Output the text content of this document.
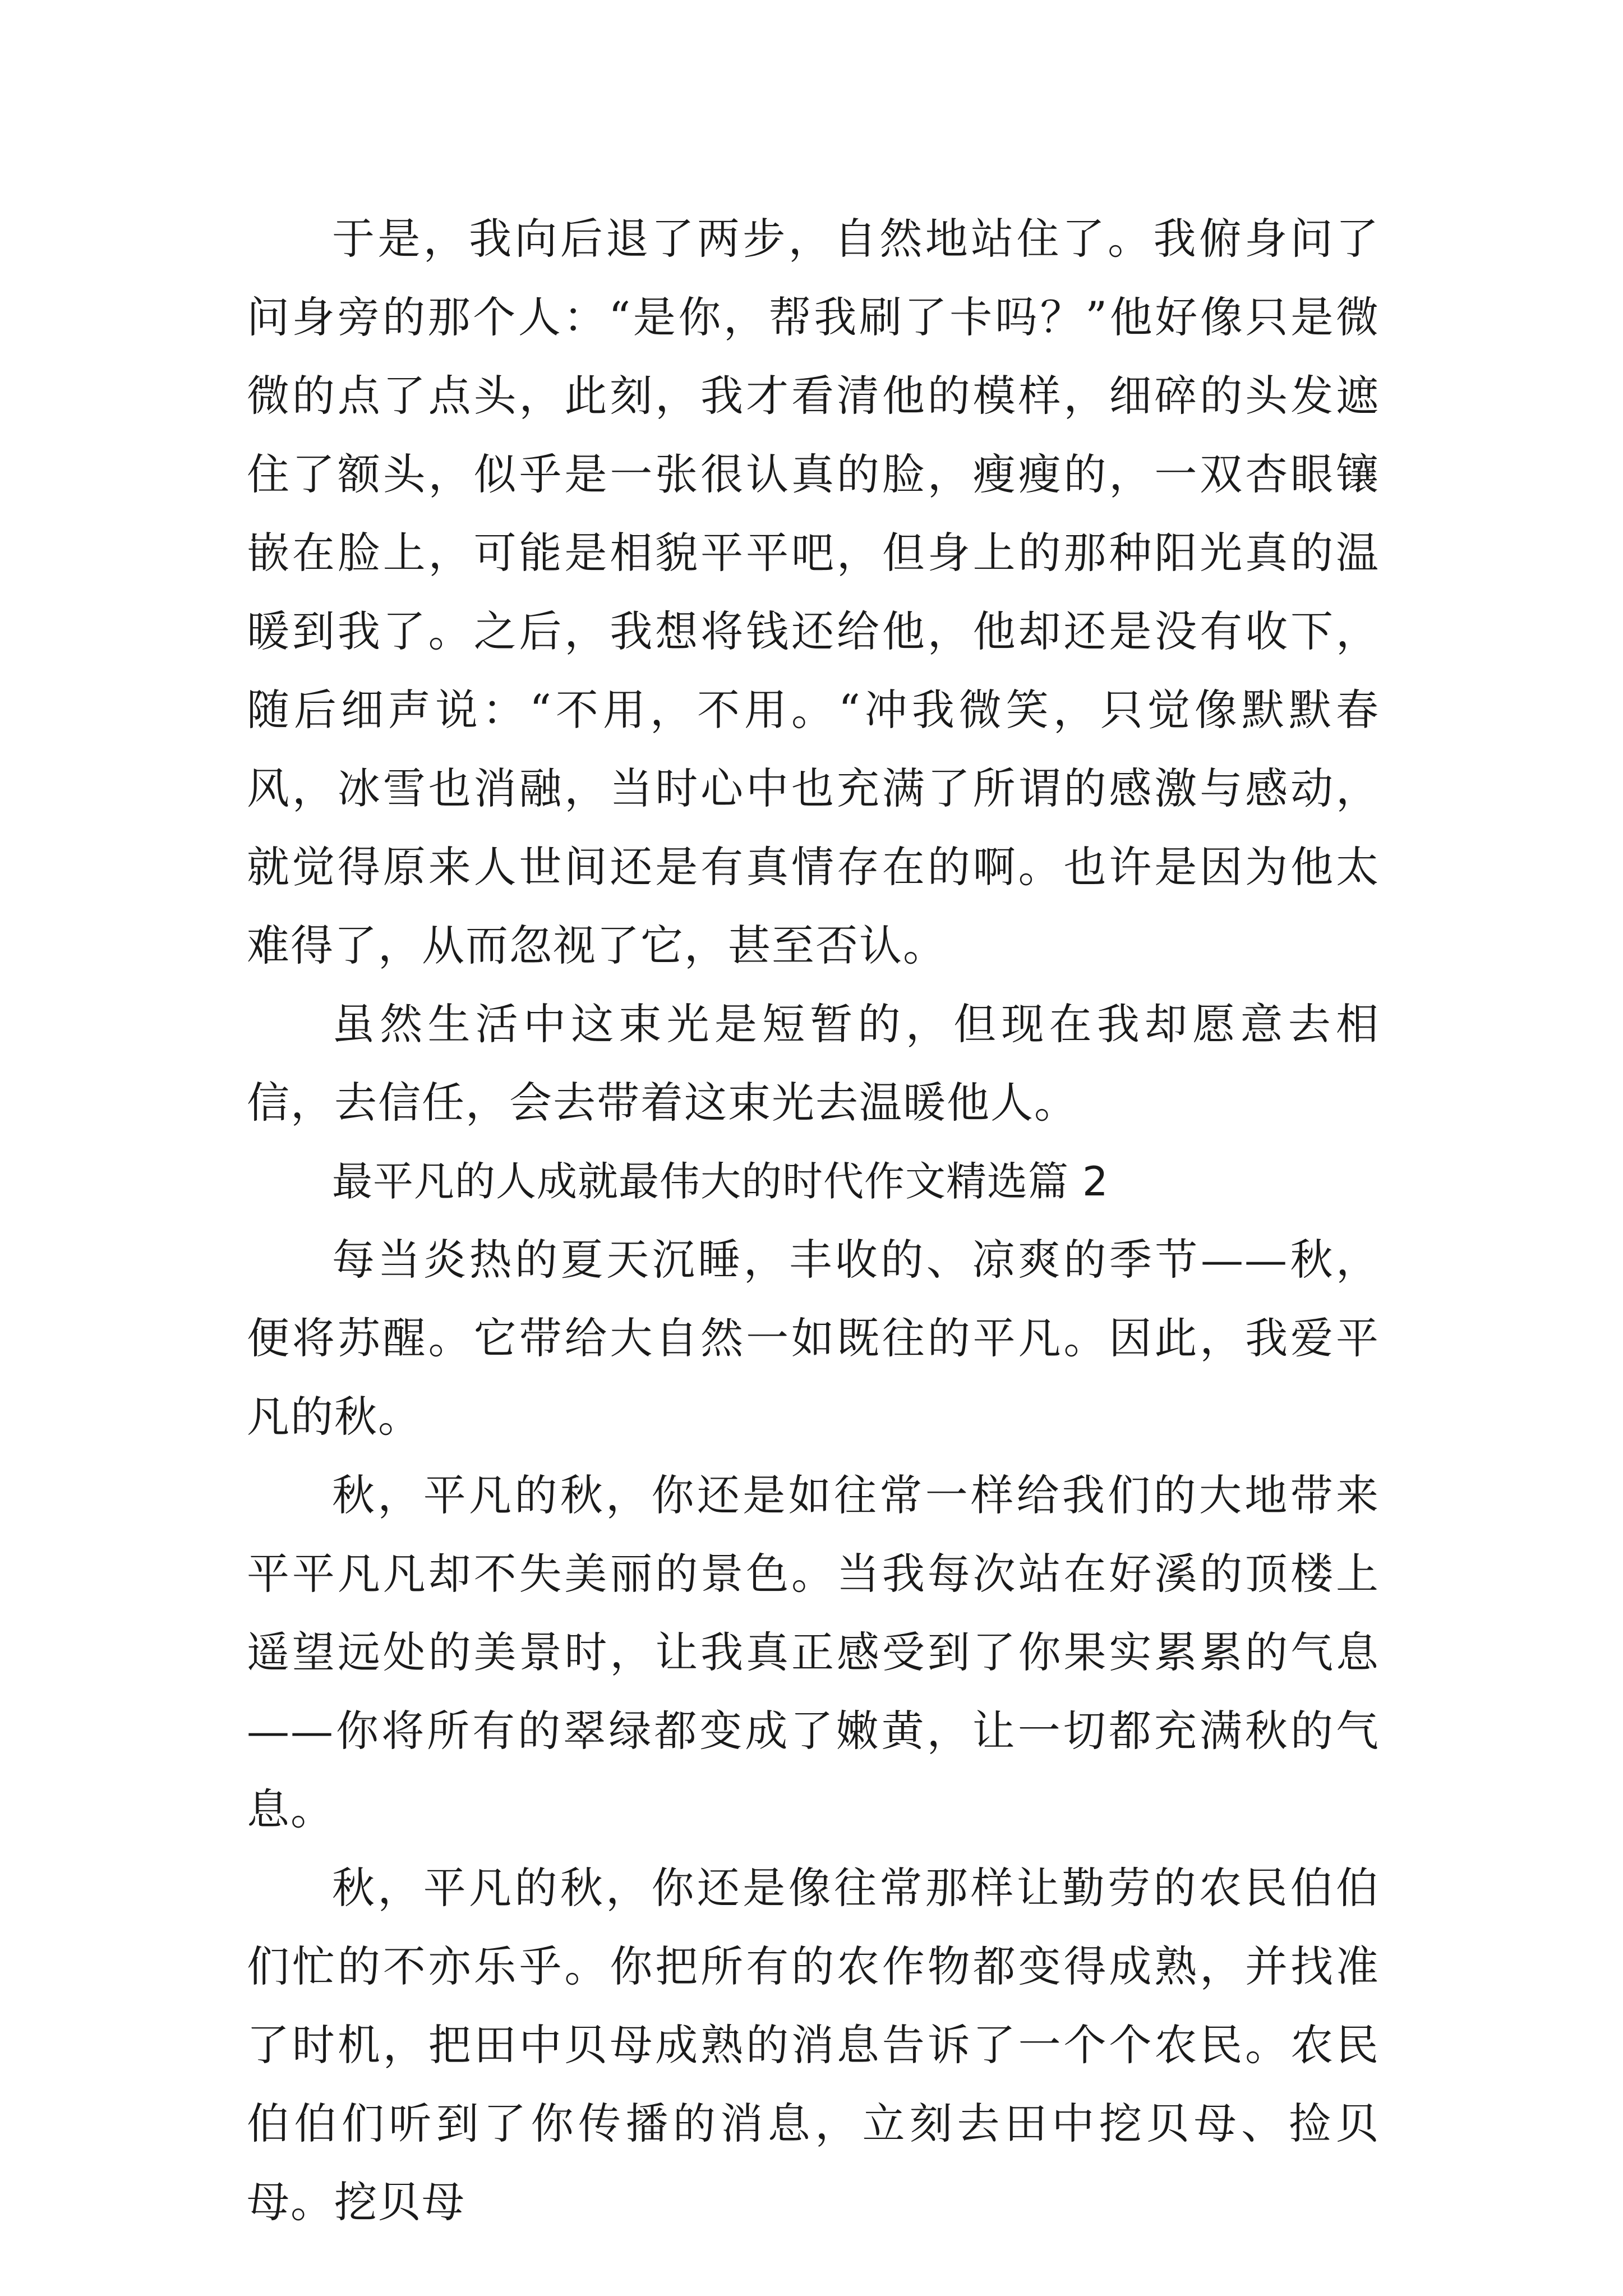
于是，我向后退了两步，自然地站住了。我俯身问了问身旁的那个人：“是你，帮我刷了卡吗？”他好像只是微微的点了点头，此刻，我才看清他的模样，细碎的头发遮住了额头，似乎是一张很认真的脸，瘦瘦的，一双杏眼镶嵌在脸上，可能是相貌平平吧，但身上的那种阳光真的温暖到我了。之后，我想将钱还给他，他却还是没有收下，随后细声说：“不用，不用。“冲我微笑，只觉像默默春风，冰雪也消融，当时心中也充满了所谓的感激与感动，就觉得原来人世间还是有真情存在的啊。也许是因为他太难得了，从而忽视了它，甚至否认。

虽然生活中这束光是短暂的，但现在我却愿意去相信，去信任，会去带着这束光去温暖他人。

最平凡的人成就最伟大的时代作文精选篇 2

每当炎热的夏天沉睡，丰收的、凉爽的季节——秋，便将苏醒。它带给大自然一如既往的平凡。因此，我爱平凡的秋。

秋，平凡的秋，你还是如往常一样给我们的大地带来平平凡凡却不失美丽的景色。当我每次站在好溪的顶楼上遥望远处的美景时，让我真正感受到了你果实累累的气息——你将所有的翠绿都变成了嫩黄，让一切都充满秋的气息。

秋，平凡的秋，你还是像往常那样让勤劳的农民伯伯们忙的不亦乐乎。你把所有的农作物都变得成熟，并找准了时机，把田中贝母成熟的消息告诉了一个个农民。农民伯伯们听到了你传播的消息，立刻去田中挖贝母、捡贝母。挖贝母
